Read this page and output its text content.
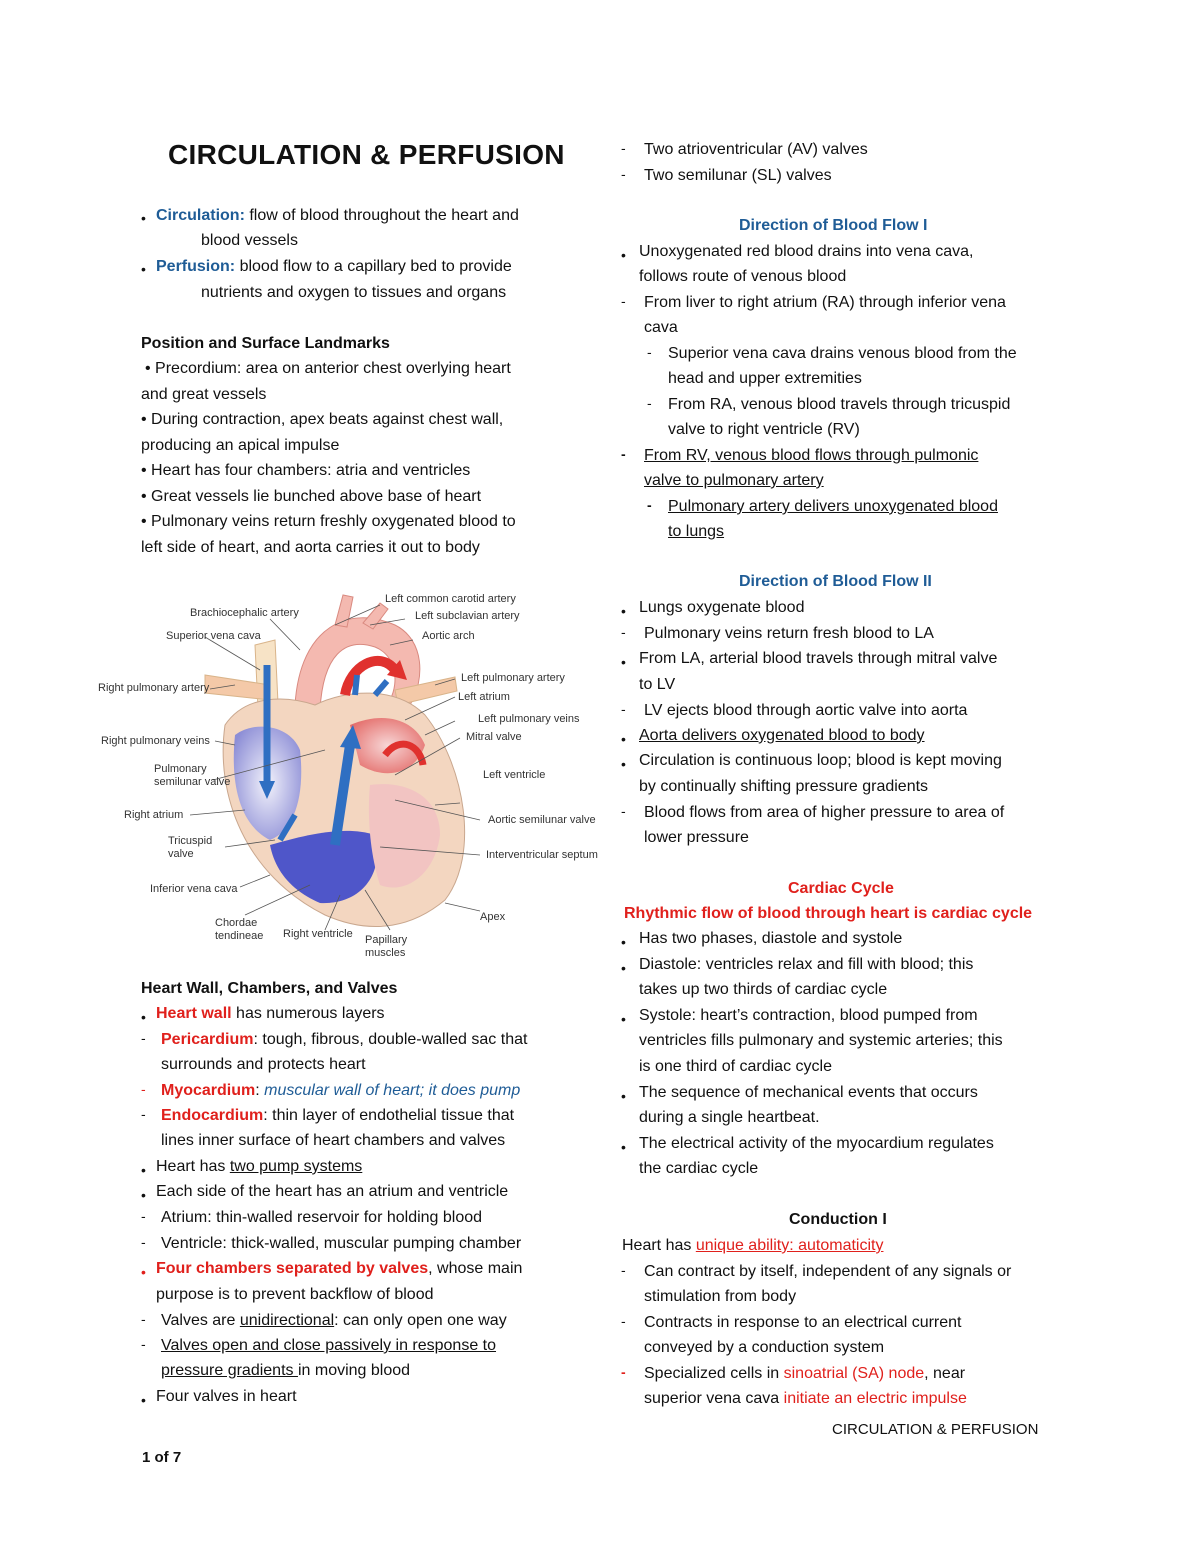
CIRCULATION & PERFUSION
• Circulation: flow of blood throughout the heart and
blood vessels
• Perfusion: blood flow to a capillary bed to provide
nutrients and oxygen to tissues and organs
Position and Surface Landmarks
• Precordium: area on anterior chest overlying heart
and great vessels
• During contraction, apex beats against chest wall,
producing an apical impulse
• Heart has four chambers: atria and ventricles
• Great vessels lie bunched above base of heart
• Pulmonary veins return freshly oxygenated blood to
left side of heart, and aorta carries it out to body
Left common carotid artery
Left subclavian artery
Brachiocephalic artery
Aortic arch
Superior vena cava
Right pulmonary artery
Left pulmonary artery
Left atrium
Left pulmonary veins
Right pulmonary veins	Mitral valve
Pulmonary
semilunar valve
Left ventricle
Right atrium	Aortic semilunar valve
Tricuspid
valve	Interventricular septum
Inferior vena cava
Apex
Chordae
tendineae Right ventricle Papillary
muscles
Heart Wall, Chambers, and Valves
• Heart wall has numerous layers
- Pericardium: tough, fibrous, double-walled sac that
surrounds and protects heart
- Myocardium: muscular wall of heart; it does pump
- Endocardium: thin layer of endothelial tissue that
lines inner surface of heart chambers and valves
• Heart has two pump systems
• Each side of the heart has an atrium and ventricle
- Atrium: thin-walled reservoir for holding blood
- Ventricle: thick-walled, muscular pumping chamber
• Four chambers separated by valves, whose main
purpose is to prevent backflow of blood
- Valves are unidirectional: can only open one way
- Valves open and close passively in response to
pressure gradients in moving blood
• Four valves in heart
- Two atrioventricular (AV) valves
- Two semilunar (SL) valves
Direction of Blood Flow I
• Unoxygenated red blood drains into vena cava,
follows route of venous blood
- From liver to right atrium (RA) through inferior vena
cava
- Superior vena cava drains venous blood from the
head and upper extremities
- From RA, venous blood travels through tricuspid
valve to right ventricle (RV)
- From RV, venous blood flows through pulmonic
valve to pulmonary artery
- Pulmonary artery delivers unoxygenated blood
to lungs
Direction of Blood Flow II
• Lungs oxygenate blood
- Pulmonary veins return fresh blood to LA
• From LA, arterial blood travels through mitral valve
to LV
- LV ejects blood through aortic valve into aorta
• Aorta delivers oxygenated blood to body
• Circulation is continuous loop; blood is kept moving
by continually shifting pressure gradients
- Blood flows from area of higher pressure to area of
lower pressure
Cardiac Cycle
Rhythmic flow of blood through heart is cardiac cycle
• Has two phases, diastole and systole
• Diastole: ventricles relax and fill with blood; this
takes up two thirds of cardiac cycle
• Systole: heart’s contraction, blood pumped from
ventricles fills pulmonary and systemic arteries; this
is one third of cardiac cycle
• The sequence of mechanical events that occurs
during a single heartbeat.
• The electrical activity of the myocardium regulates
the cardiac cycle
Conduction I
Heart has unique ability: automaticity
- Can contract by itself, independent of any signals or
stimulation from body
- Contracts in response to an electrical current
conveyed by a conduction system
- Specialized cells in sinoatrial (SA) node, near
superior vena cava initiate an electric impulse
CIRCULATION & PERFUSION
1 of 7
